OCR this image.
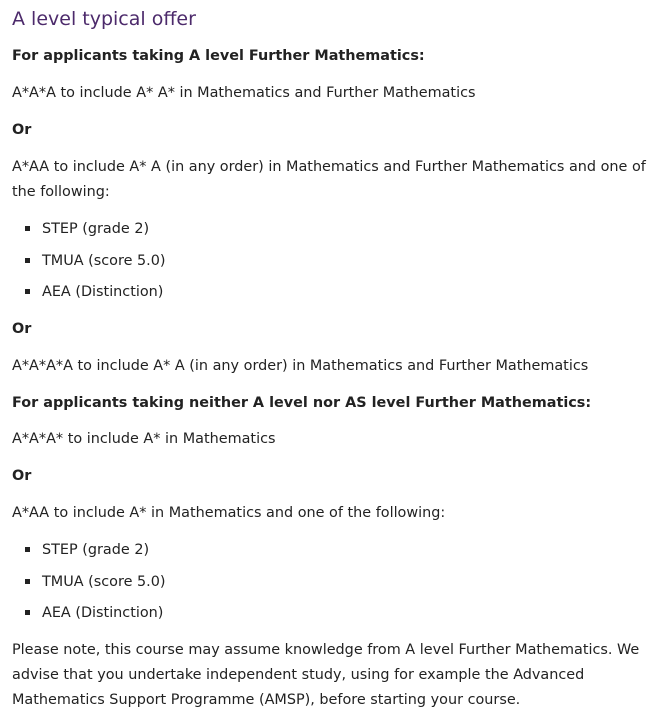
A level typical offer

For applicants taking A level Further Mathematics:

A*A*A to include A* A* in Mathematics and Further Mathematics

Or

A*AA to include A* A (in any order) in Mathematics and Further Mathematics and one of the following:

STEP (grade 2)
TMUA (score 5.0)
AEA (Distinction)

Or

A*A*A*A to include A* A (in any order) in Mathematics and Further Mathematics

For applicants taking neither A level nor AS level Further Mathematics:

A*A*A* to include A* in Mathematics

Or

A*AA to include A* in Mathematics and one of the following:

STEP (grade 2)
TMUA (score 5.0)
AEA (Distinction)

Please note, this course may assume knowledge from A level Further Mathematics. We advise that you undertake independent study, using for example the Advanced Mathematics Support Programme (AMSP), before starting your course.
